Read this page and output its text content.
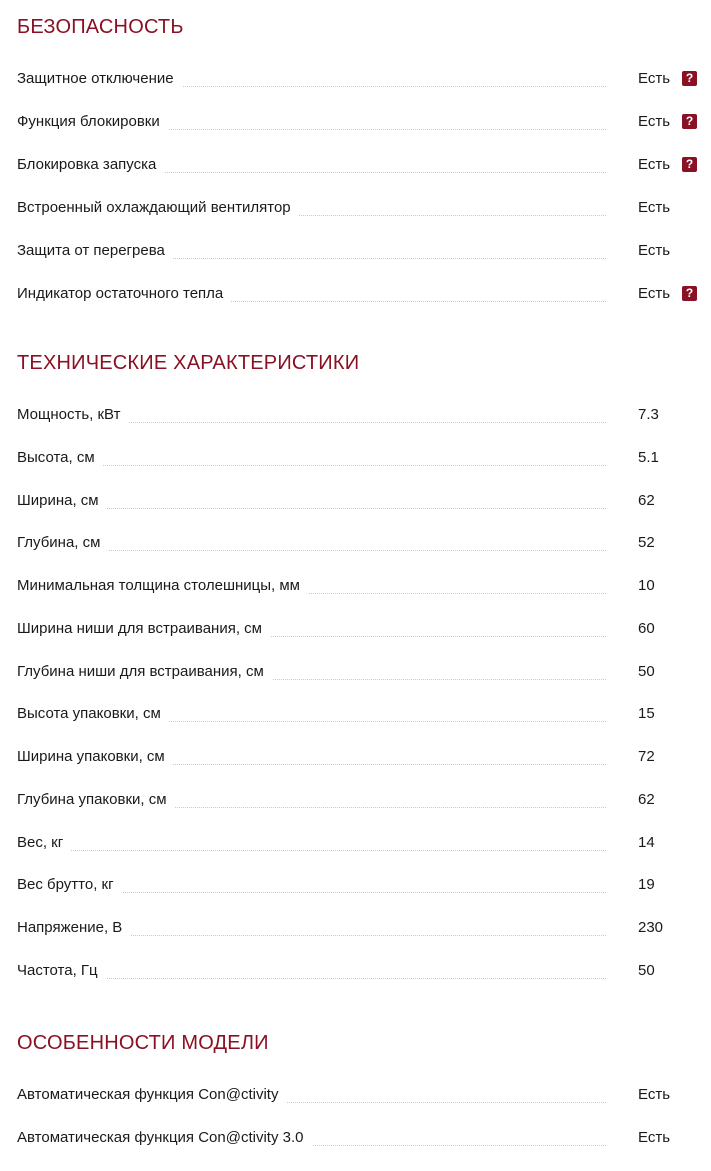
БЕЗОПАСНОСТЬ
Защитное отключение	Есть	?
Функция блокировки	Есть	?
Блокировка запуска	Есть	?
Встроенный охлаждающий вентилятор	Есть
Защита от перегрева	Есть
Индикатор остаточного тепла	Есть	?
ТЕХНИЧЕСКИЕ ХАРАКТЕРИСТИКИ
Мощность, кВт	7.3
Высота, см	5.1
Ширина, см	62
Глубина, см	52
Минимальная толщина столешницы, мм	10
Ширина ниши для встраивания, см	60
Глубина ниши для встраивания, см	50
Высота упаковки, см	15
Ширина упаковки, см	72
Глубина упаковки, см	62
Вес, кг	14
Вес брутто, кг	19
Напряжение, В	230
Частота, Гц	50
ОСОБЕННОСТИ МОДЕЛИ
Автоматическая функция Con@ctivity	Есть
Автоматическая функция Con@ctivity 3.0	Есть
